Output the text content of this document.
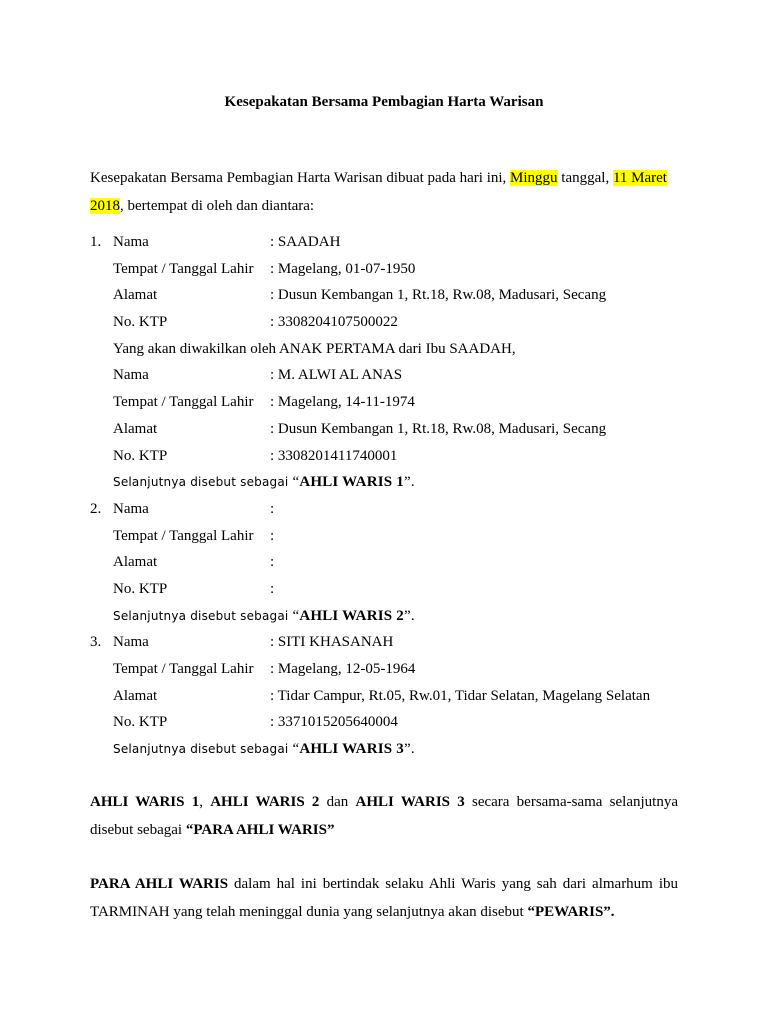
Kesepakatan Bersama Pembagian Harta Warisan
Kesepakatan Bersama Pembagian Harta Warisan dibuat pada hari ini, Minggu tanggal, 11 Maret
2018, bertempat di oleh dan diantara:
1. Nama	: SAADAH
Tempat / Tanggal Lahir : Magelang, 01-07-1950
Alamat	: Dusun Kembangan 1, Rt.18, Rw.08, Madusari, Secang
No. KTP	: 3308204107500022
Yang akan diwakilkan oleh ANAK PERTAMA dari Ibu SAADAH,
Nama	: M. ALWI AL ANAS
Tempat / Tanggal Lahir : Magelang, 14-11-1974
Alamat	: Dusun Kembangan 1, Rt.18, Rw.08, Madusari, Secang
No. KTP	: 3308201411740001
Selanjutnya disebut sebagai “AHLI WARIS 1”.
2. Nama	:
Tempat / Tanggal Lahir :
Alamat	:
No. KTP	:
Selanjutnya disebut sebagai “AHLI WARIS 2”.
3. Nama	: SITI KHASANAH
Tempat / Tanggal Lahir : Magelang, 12-05-1964
Alamat	: Tidar Campur, Rt.05, Rw.01, Tidar Selatan, Magelang Selatan
No. KTP	: 3371015205640004
Selanjutnya disebut sebagai “AHLI WARIS 3”.
AHLI WARIS 1, AHLI WARIS 2 dan AHLI WARIS 3 secara bersama-sama selanjutnya
disebut sebagai “PARA AHLI WARIS”
PARA AHLI WARIS dalam hal ini bertindak selaku Ahli Waris yang sah dari almarhum ibu
TARMINAH yang telah meninggal dunia yang selanjutnya akan disebut “PEWARIS”.
